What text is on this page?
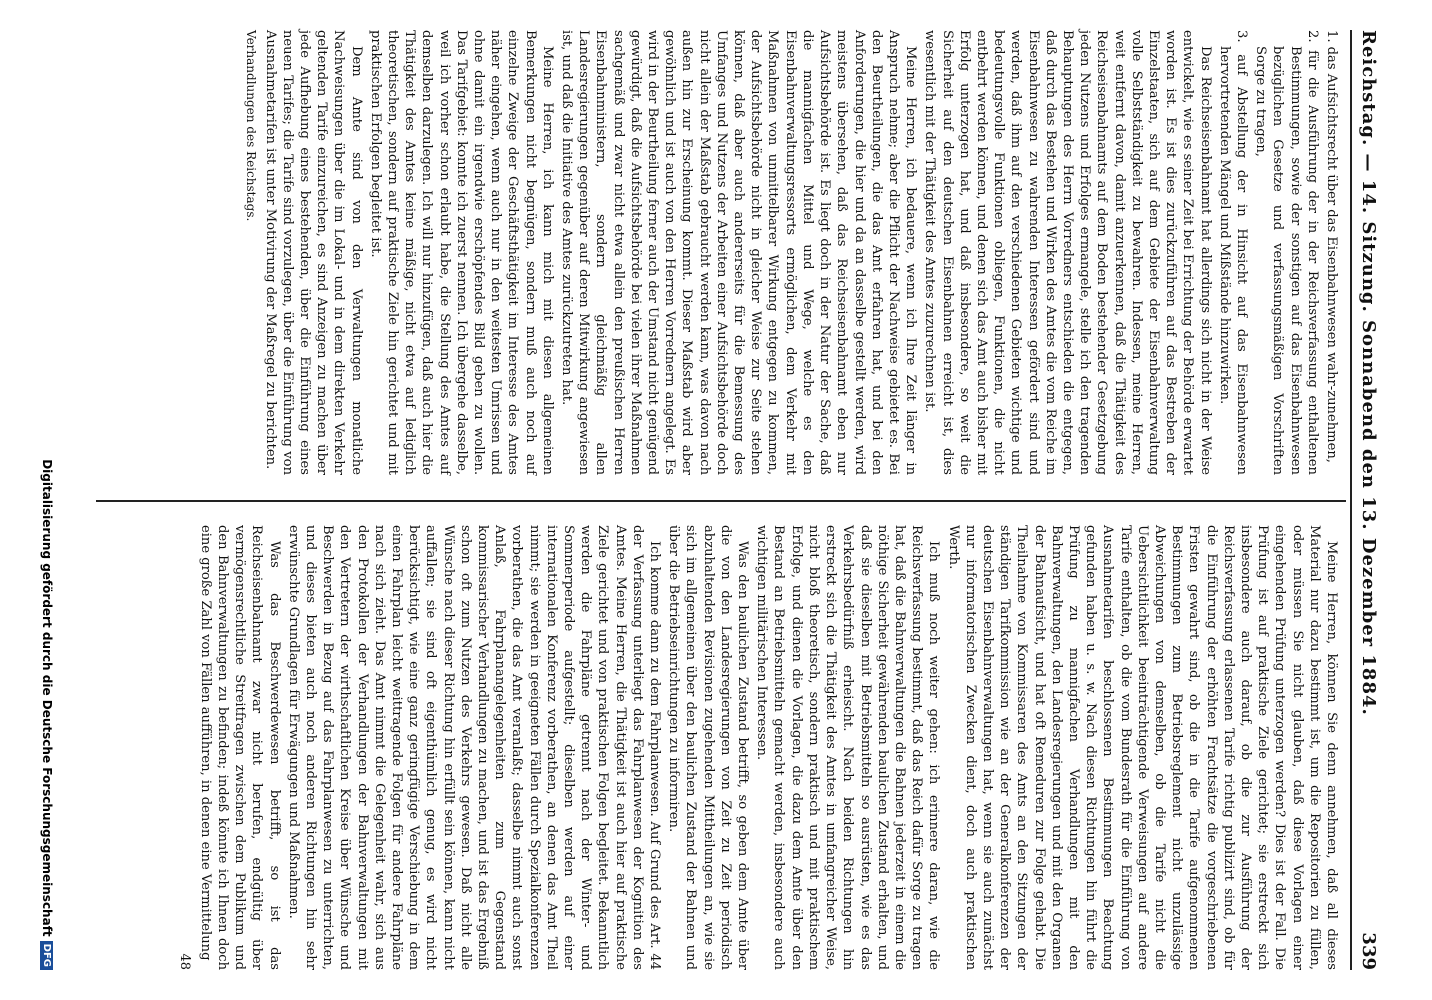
Reichstag. — 14. Sitzung. Sonnabend den 13. Dezember 1884.
339

1. das Aufsichtsrecht über das Eisenbahnwesen wahr-zunehmen,

2. für die Ausführung der in der Reichsverfassung enthaltenen Bestimmungen, sowie der sonstigen auf das Eisenbahnwesen bezüglichen Gesetze und verfassungsmäßigen Vorschriften Sorge zu tragen,

3. auf Abstellung der in Hinsicht auf das Eisenbahnwesen hervortretenden Mängel und Mißstände hinzuwirken.

Das Reichseisenbahnamt hat allerdings sich nicht in der Weise entwickelt, wie es seiner Zeit bei Errichtung der Behörde erwartet worden ist. Es ist dies zurückzuführen auf das Bestreben der Einzelstaaten, sich auf dem Gebiete der Eisenbahnverwaltung volle Selbstständigkeit zu bewahren. Indessen, meine Herren, weit entfernt davon, damit anzuerkennen, daß die Thätigkeit des Reichseisenbahnamts auf dem Boden bestehender Gesetzgebung jeden Nutzens und Erfolges ermangele, stelle ich den tragenden Behauptungen des Herrn Vorredners entschieden die entgegen, daß durch das Bestehen und Wirken des Amtes die vom Reiche im Eisenbahnwesen zu wahrenden Interessen gefördert sind und werden, daß ihm auf den verschiedenen Gebieten wichtige und bedeutungsvolle Funktionen obliegen, Funktionen, die nicht entbehrt werden können, und denen sich das Amt auch bisher mit Erfolg unterzogen hat, und daß insbesondere, so weit die Sicherheit auf den deutschen Eisenbahnen erreicht ist, dies wesentlich mit der Thätigkeit des Amtes zuzurechnen ist.

Meine Herren, ich bedauere, wenn ich Ihre Zeit länger in Anspruch nehme; aber die Pflicht der Nachweise gebietet es. Bei den Beurtheilungen, die das Amt erfahren hat, und bei den Anforderungen, die hier und da an dasselbe gestellt werden, wird meistens übersehen, daß das Reichseisenbahnamt eben nur Aufsichtsbehörde ist. Es liegt doch in der Natur der Sache, daß die mannigfachen Mittel und Wege, welche es den Eisenbahnverwaltungsressorts ermöglichen, dem Verkehr mit Maßnahmen von unmittelbarer Wirkung entgegen zu kommen, der Aufsichtsbehörde nicht in gleicher Weise zur Seite stehen können, daß aber auch andererseits für die Bemessung des Umfanges und Nutzens der Arbeiten einer Aufsichtsbehörde doch nicht allein der Maßstab gebraucht werden kann, was davon nach außen hin zur Erscheinung kommt. Dieser Maßstab wird aber gewöhnlich und ist auch von den Herren Vorrednern angelegt. Es wird in der Beurtheilung ferner auch der Umstand nicht genügend gewürdigt, daß die Aufsichtsbehörde bei vielen ihrer Maßnahmen sachgemäß und zwar nicht etwa allein den preußischen Herren Eisenbahnministern, sondern gleichmäßig allen Landesregierungen gegenüber auf deren Mitwirkung angewiesen ist, und daß die Initiative des Amtes zurückzutreten hat.

Meine Herren, ich kann mich mit diesen allgemeinen Bemerkungen nicht begnügen, sondern muß auch noch auf einzelne Zweige der Geschäftsthätigkeit im Interesse des Amtes näher eingehen, wenn auch nur in den weitesten Umrissen und ohne damit ein irgendwie erschöpfendes Bild geben zu wollen. Das Tarifgebiet: konnte ich zuerst nennen. Ich übergehe dasselbe, weil ich vorher schon erlaubt habe, die Stellung des Amtes auf demselben darzulegen. Ich will nur hinzufügen, daß auch hier die Thätigkeit des Amtes keine mäßige, nicht etwa auf lediglich theoretischen, sondern auf praktische Ziele hin gerichtet und mit praktischen Erfolgen begleitet ist.

Dem Amte sind von den Verwaltungen monatliche Nachweisungen über die im Lokal- und in dem direkten Verkehr geltenden Tarife einzureichen, es sind Anzeigen zu machen über jede Aufhebung eines bestehenden, über die Einführung eines neuen Tarifes; die Tarife sind vorzulegen, über die Einführung von Ausnahmetarifen ist unter Motivirung der Maßregel zu berichten.

Verhandlungen des Reichstags.

Meine Herren, können Sie denn annehmen, daß all dieses Material nur dazu bestimmt ist, um die Repositorien zu füllen, oder müssen Sie nicht glauben, daß diese Vorlagen einer eingehenden Prüfung unterzogen werden? Dies ist der Fall. Die Prüfung ist auf praktische Ziele gerichtet; sie erstreckt sich insbesondere auch darauf, ob die zur Ausführung der Reichsverfassung erlassenen Tarife richtig publizirt sind, ob für die Einführung der erhöhten Frachtsätze die vorgeschriebenen Fristen gewahrt sind, ob die in die Tarife aufgenommenen Bestimmungen zum Betriebsreglement nicht unzulässige Abweichungen von demselben, ob die Tarife nicht die Uebersichtlichkeit beeinträchtigende Verweisungen auf andere Tarife enthalten, ob die vom Bundesrath für die Einführung von Ausnahmetarifen beschlossenen Bestimmungen Beachtung gefunden haben u. s. w. Nach diesen Richtungen hin führt die Prüfung zu mannigfachen Verhandlungen mit den Bahnverwaltungen, den Landesregierungen und mit den Organen der Bahnaufsicht, und hat oft Remeduren zur Folge gehabt. Die Theilnahme von Kommissaren des Amts an den Sitzungen der ständigen Tarifkommission wie an der Generalkonferenzen der deutschen Eisenbahnverwaltungen hat, wenn sie auch zunächst nur informatorischen Zwecken dient, doch auch praktischen Werth.

Ich muß noch weiter gehen: ich erinnere daran, wie die Reichsverfassung bestimmt, daß das Reich dafür Sorge zu tragen hat, daß die Bahnverwaltungen die Bahnen jederzeit in einem die nöthige Sicherheit gewährenden baulichen Zustand erhalten, und daß sie dieselben mit Betriebsmitteln so ausrüsten, wie es das Verkehrsbedürfniß erheischt. Nach beiden Richtungen hin erstreckt sich die Thätigkeit des Amtes in umfangreicher Weise, nicht bloß theoretisch, sondern praktisch und mit praktischem Erfolge, und dienen die Vorlagen, die dazu dem Amte über den Bestand an Betriebsmitteln gemacht werden, insbesondere auch wichtigen militärischen Interessen.

Was den baulichen Zustand betrifft, so geben dem Amte über die von den Landesregierungen von Zeit zu Zeit periodisch abzuhaltenden Revisionen zugehenden Mittheilungen an, wie sie sich im allgemeinen über den baulichen Zustand der Bahnen und über die Betriebseinrichtungen zu informiren.

Ich komme dann zu dem Fahrplanwesen. Auf Grund des Art. 44 der Verfassung unterliegt das Fahrplanwesen der Kognition des Amtes. Meine Herren, die Thätigkeit ist auch hier auf praktische Ziele gerichtet und von praktischen Folgen begleitet. Bekanntlich werden die Fahrpläne getrennt nach der Winter- und Sommerperiode aufgestellt; dieselben werden auf einer internationalen Konferenz vorberathen, an denen das Amt Theil nimmt; sie werden in geeigneten Fällen durch Spezialkonferenzen vorberathen, die das Amt veranlaßt; dasselbe nimmt auch sonst Anlaß, Fahrplanangelegenheiten zum Gegenstand kommissarischer Verhandlungen zu machen, und ist das Ergebniß schon oft zum Nutzen des Verkehrs gewesen. Daß nicht alle Wünsche nach dieser Richtung hin erfüllt sein können, kann nicht auffallen; sie sind oft eigenthümlich genug, es wird nicht berücksichtigt, wie eine ganz geringfügige Verschiebung in dem einen Fahrplan leicht weittragende Folgen für andere Fahrpläne nach sich zieht. Das Amt nimmt die Gelegenheit wahr, sich aus den Protokollen der Verhandlungen der Bahnverwaltungen mit den Vertretern der wirthschaftlichen Kreise über Wünsche und Beschwerden in Bezug auf das Fahrplanwesen zu unterrichten, und dieses bieten auch noch anderen Richtungen hin sehr erwünschte Grundlagen für Erwägungen und Maßnahmen.

Was das Beschwerdewesen betrifft, so ist das Reichseisenbahnamt zwar nicht berufen, endgültig über vermögensrechtliche Streitfragen zwischen dem Publikum und den Bahnverwaltungen zu befinden; indeß könnte ich Ihnen doch eine große Zahl von Fällen aufführen, in denen eine Vermittelung

48
Digitalisierung gefördert durch die Deutsche Forschungsgemeinschaft
DFG
